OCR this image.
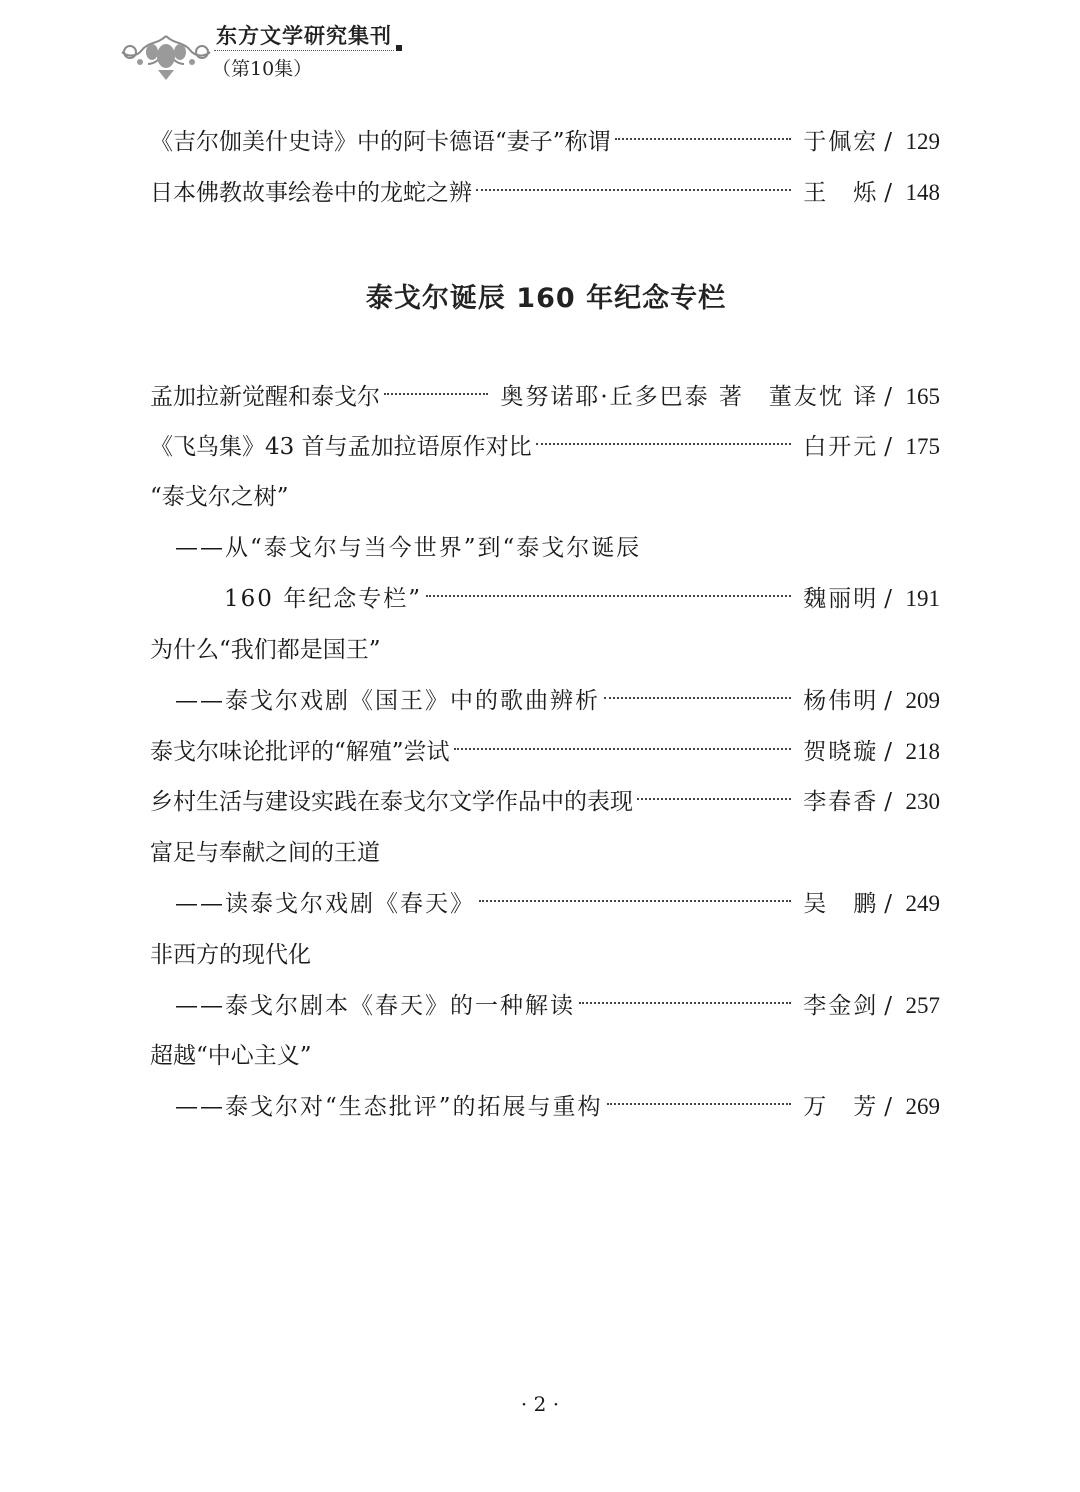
东方文学研究集刊
（第10集）
《吉尔伽美什史诗》中的阿卡德语“妻子”称谓	于佩宏 / 129
日本佛教故事绘卷中的龙蛇之辨	王　烁 / 148
泰戈尔诞辰 160 年纪念专栏
孟加拉新觉醒和泰戈尔	奥努诺耶·丘多巴泰 著　董友忱 译 / 165
《飞鸟集》43 首与孟加拉语原作对比	白开元 / 175
“泰戈尔之树”
——从“泰戈尔与当今世界”到“泰戈尔诞辰
160 年纪念专栏”	魏丽明 / 191
为什么“我们都是国王”
——泰戈尔戏剧《国王》中的歌曲辨析	杨伟明 / 209
泰戈尔味论批评的“解殖”尝试	贺晓璇 / 218
乡村生活与建设实践在泰戈尔文学作品中的表现	李春香 / 230
富足与奉献之间的王道
——读泰戈尔戏剧《春天》	吴　鹏 / 249
非西方的现代化
——泰戈尔剧本《春天》的一种解读	李金剑 / 257
超越“中心主义”
——泰戈尔对“生态批评”的拓展与重构	万　芳 / 269
· 2 ·
